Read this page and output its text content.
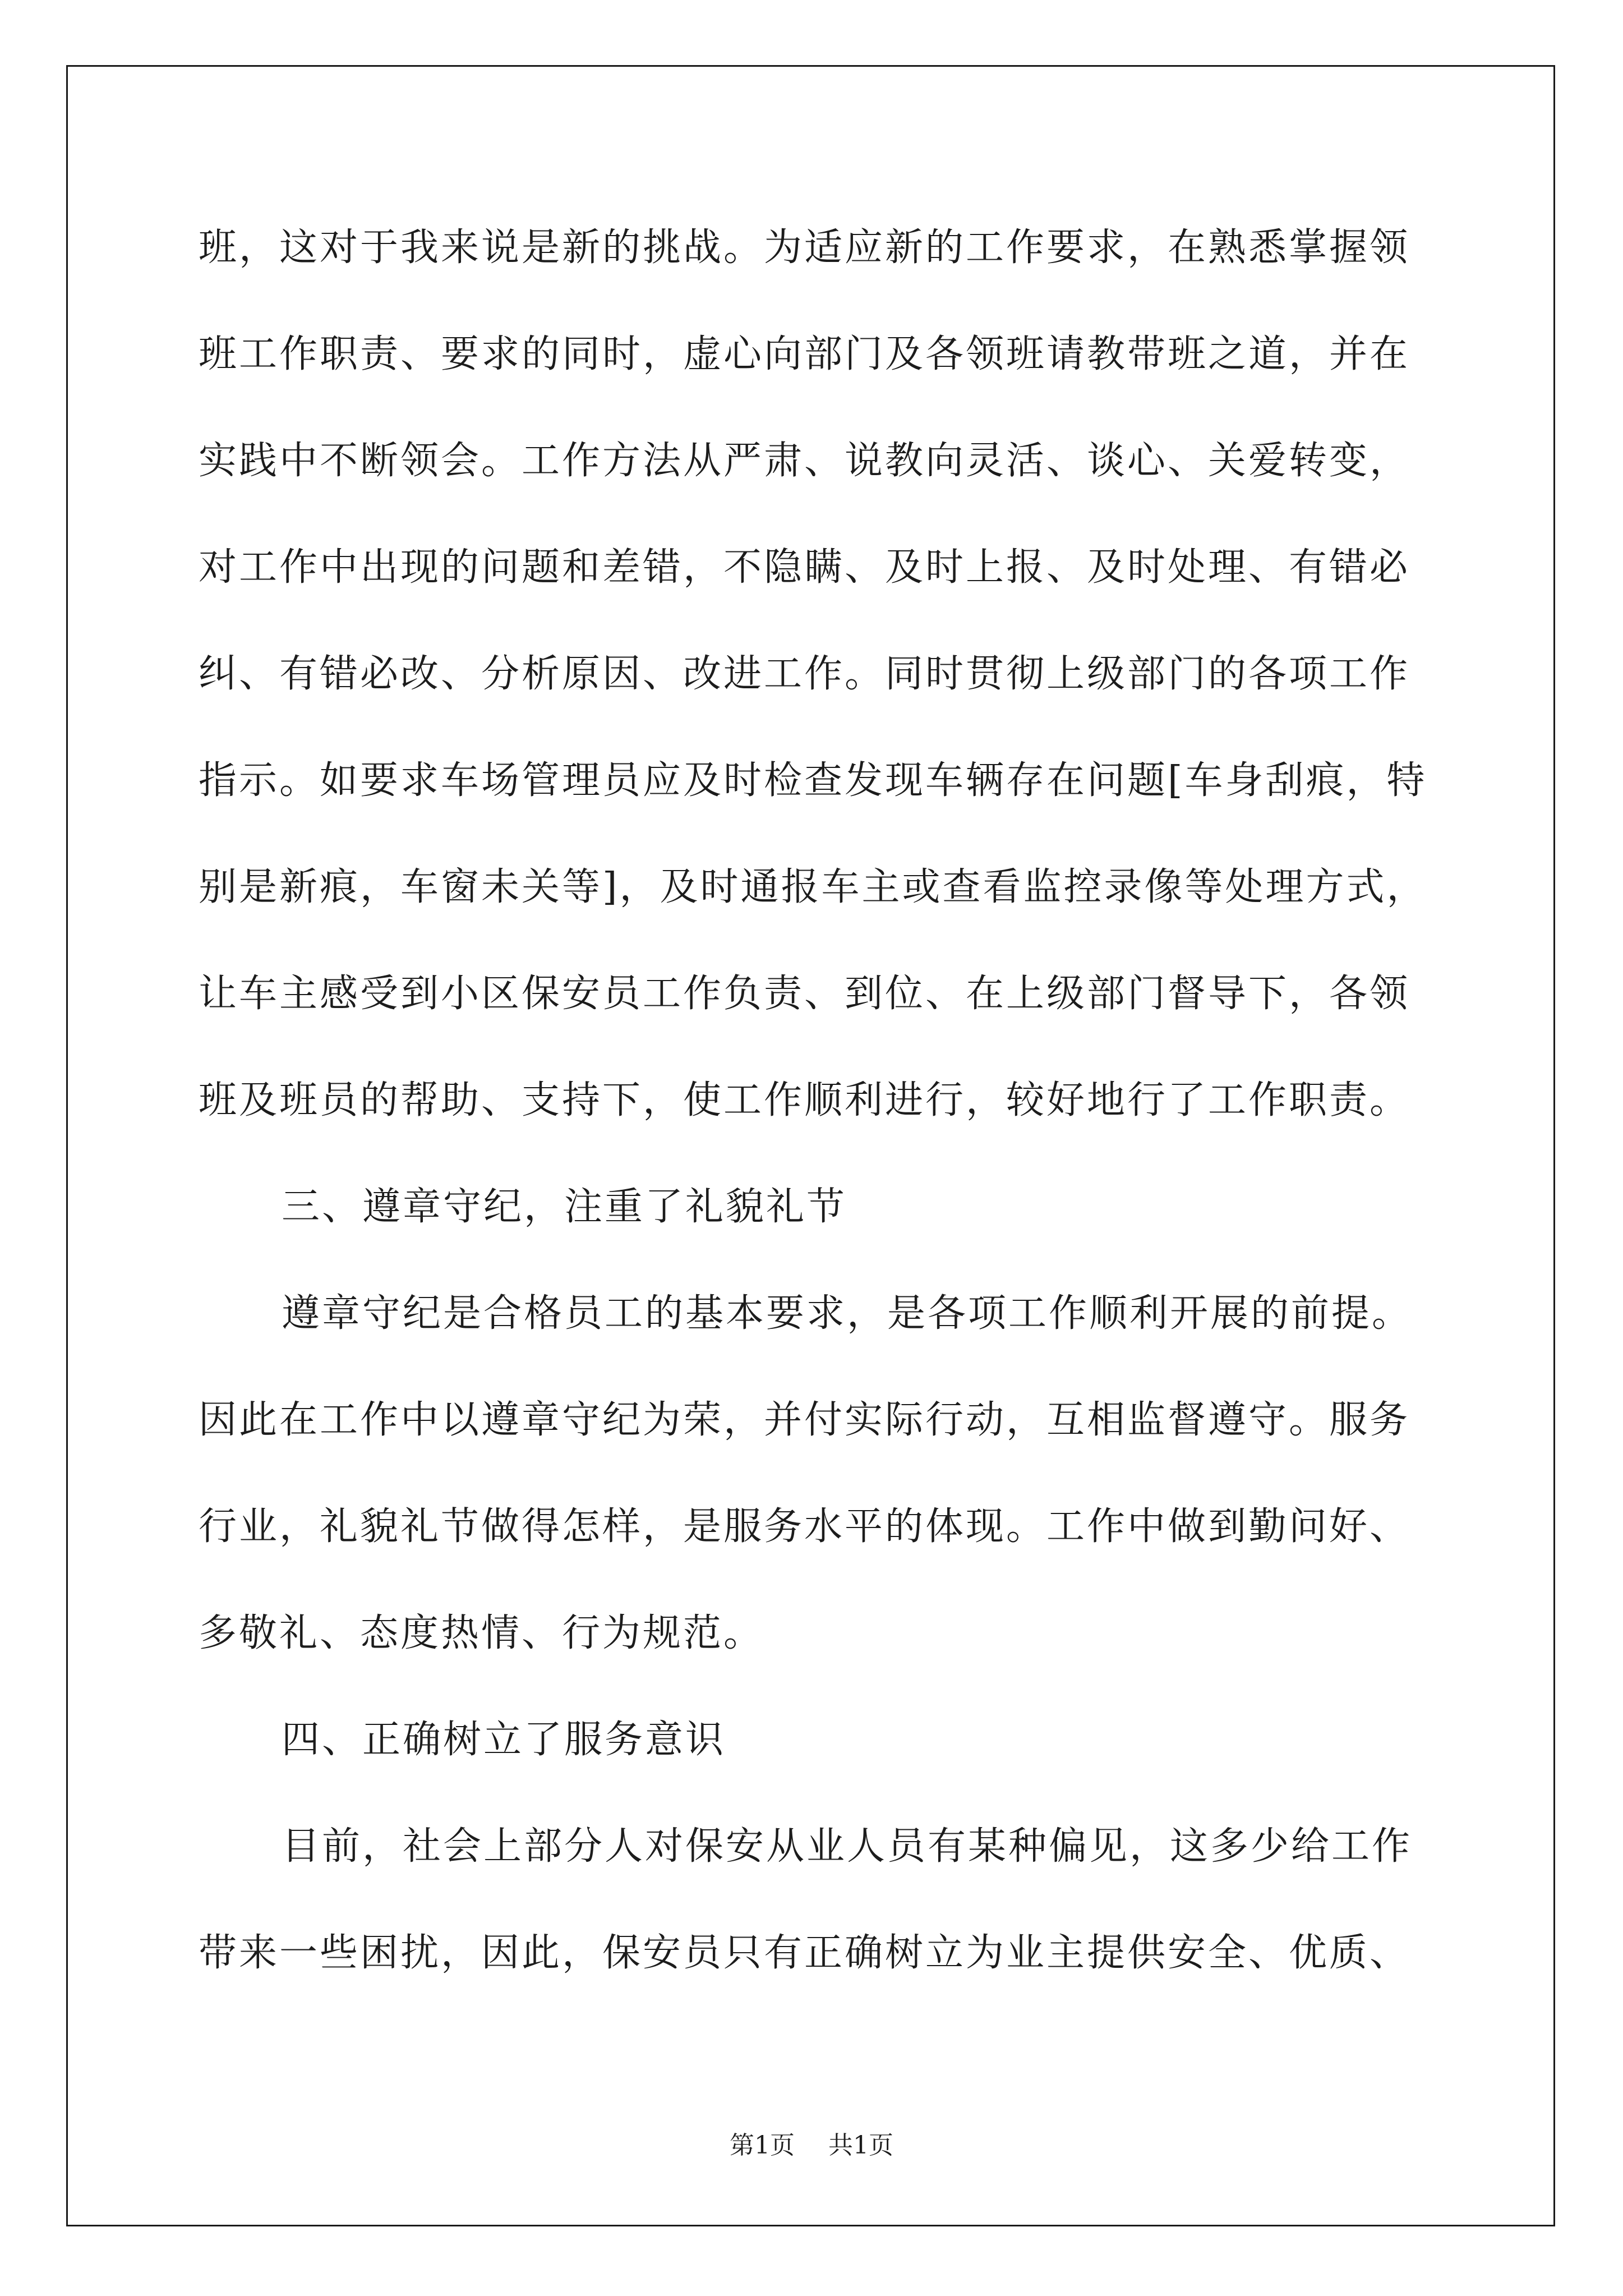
班，这对于我来说是新的挑战。为适应新的工作要求，在熟悉掌握领
班工作职责、要求的同时，虚心向部门及各领班请教带班之道，并在
实践中不断领会。工作方法从严肃、说教向灵活、谈心、关爱转变，
对工作中出现的问题和差错，不隐瞒、及时上报、及时处理、有错必
纠、有错必改、分析原因、改进工作。同时贯彻上级部门的各项工作
指示。如要求车场管理员应及时检查发现车辆存在问题[车身刮痕，特
别是新痕，车窗未关等]，及时通报车主或查看监控录像等处理方式，
让车主感受到小区保安员工作负责、到位、在上级部门督导下，各领
班及班员的帮助、支持下，使工作顺利进行，较好地行了工作职责。
三、遵章守纪，注重了礼貌礼节
遵章守纪是合格员工的基本要求，是各项工作顺利开展的前提。
因此在工作中以遵章守纪为荣，并付实际行动，互相监督遵守。服务
行业，礼貌礼节做得怎样，是服务水平的体现。工作中做到勤问好、
多敬礼、态度热情、行为规范。
四、正确树立了服务意识
目前，社会上部分人对保安从业人员有某种偏见，这多少给工作
带来一些困扰，因此，保安员只有正确树立为业主提供安全、优质、
第1页 共1页
